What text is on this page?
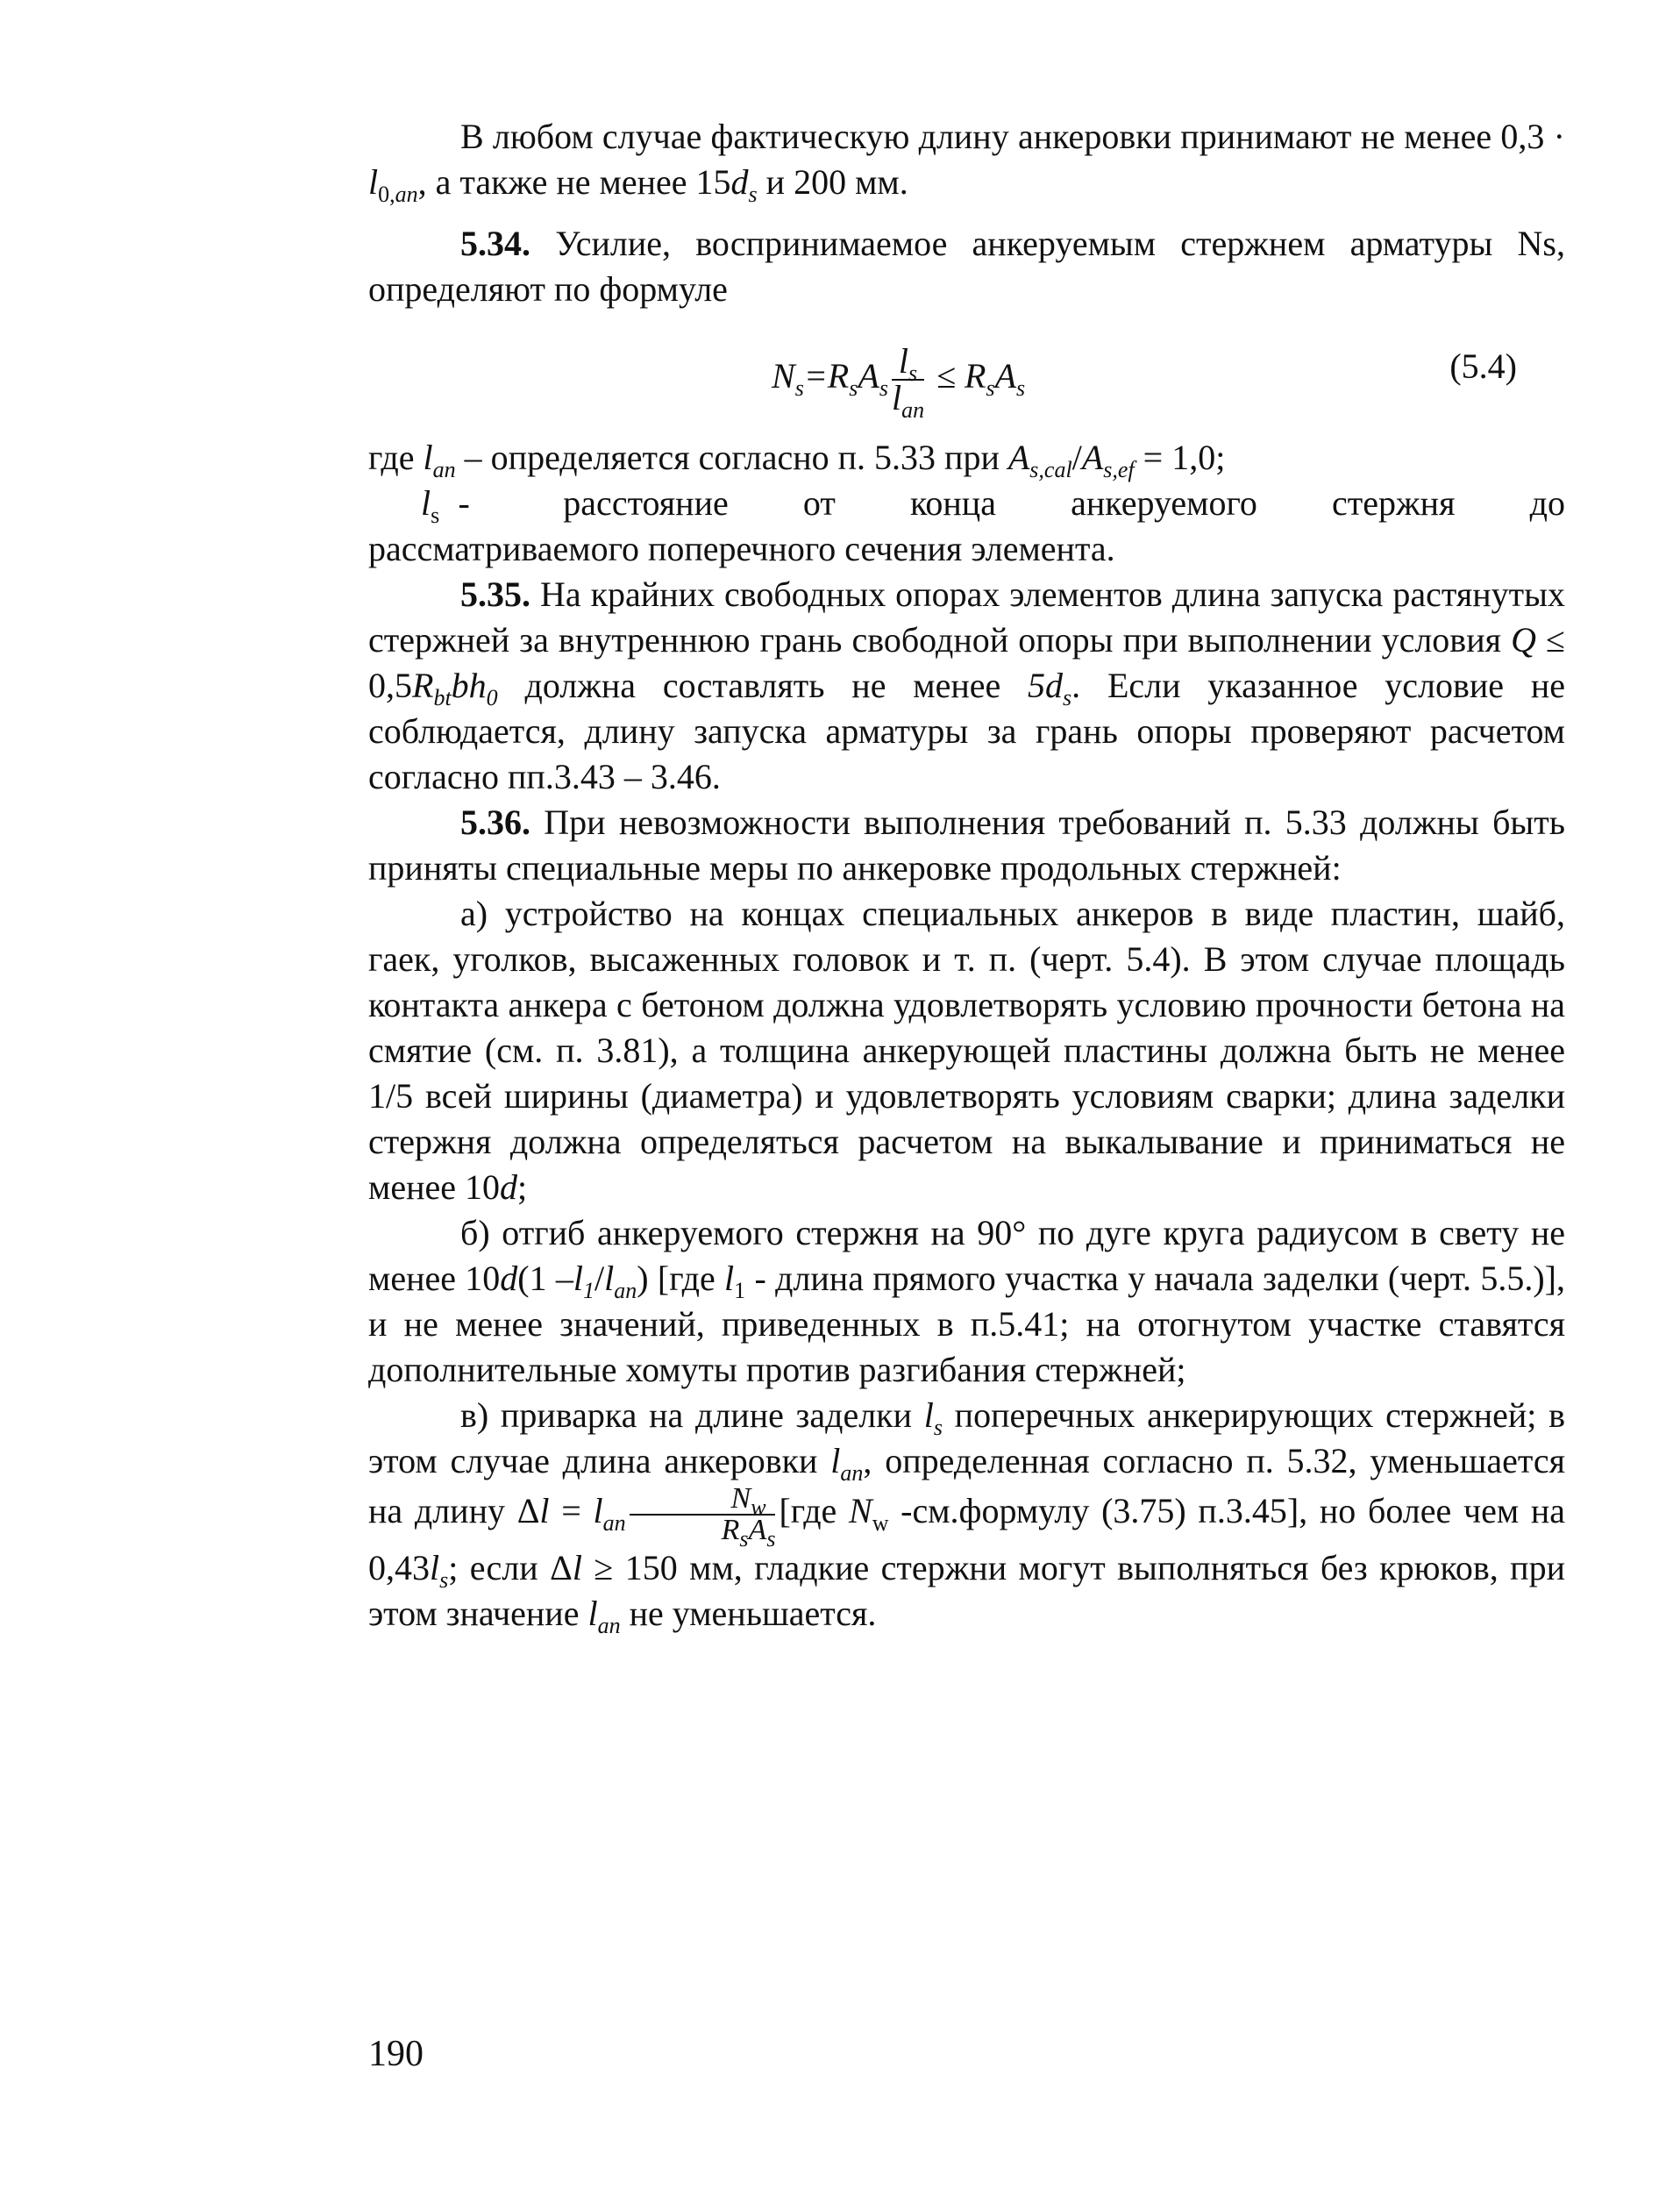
В любом случае фактическую длину анкеровки принимают не менее $0,3 \cdot l_{0,an}$, а также не менее $15d_s$ и 200 мм.

5.34. Усилие, воспринимаемое анкеруемым стержнем арматуры Ns, определяют по формуле

$N_s=R_sA_s \frac{l_s}{l_{an}} \le R_sA_s$
(5.4)

где $l_{an}$ – определяется согласно п. 5.33 при $A_{s,cal}/A_{s,ef} = 1,0$;

$l_s$ -     расстояние    от    конца    анкеруемого    стержня    до рассматриваемого поперечного сечения элемента.

5.35. На крайних свободных опорах элементов длина запуска растянутых стержней за внутреннюю грань свободной опоры при выполнении условия $Q \le 0,5R_{bt}bh_0$ должна составлять не менее $5d_s$. Если указанное условие не соблюдается, длину запуска арматуры за грань опоры проверяют расчетом согласно пп.3.43 – 3.46.

5.36. При невозможности выполнения требований п. 5.33 должны быть приняты специальные меры по анкеровке продольных стержней:

а) устройство на концах специальных анкеров в виде пластин, шайб, гаек, уголков, высаженных головок и т. п. (черт. 5.4). В этом случае площадь контакта анкера с бетоном должна удовлетворять условию прочности бетона на смятие (см. п. 3.81), а толщина анкерующей пластины должна быть не менее 1/5 всей ширины (диаметра) и удовлетворять условиям сварки; длина заделки стержня должна определяться расчетом на выкалывание и приниматься не менее 10d;

б) отгиб анкеруемого стержня на 90° по дуге круга радиусом в свету не менее 10d(1 $-l_1/l_{an}$) [где $l_1$ - длина прямого участка у начала заделки (черт. 5.5.)], и не менее значений, приведенных в п.5.41; на отогнутом участке ставятся дополнительные хомуты против разгибания стержней;

в) приварка на длине заделки $l_s$ поперечных анкерирующих стержней; в этом случае длина анкеровки $l_{an}$, определенная согласно п. 5.32, уменьшается на длину $\Delta l = l_{an} \frac{N_w}{R_sA_s} [где$ $N_w$ -см.формулу (3.75) п.3.45], но более чем на $0,43l_s$; если Δl ≥ 150 мм, гладкие стержни могут выполняться без крюков, при этом значение $l_{an}$ не уменьшается.

190
